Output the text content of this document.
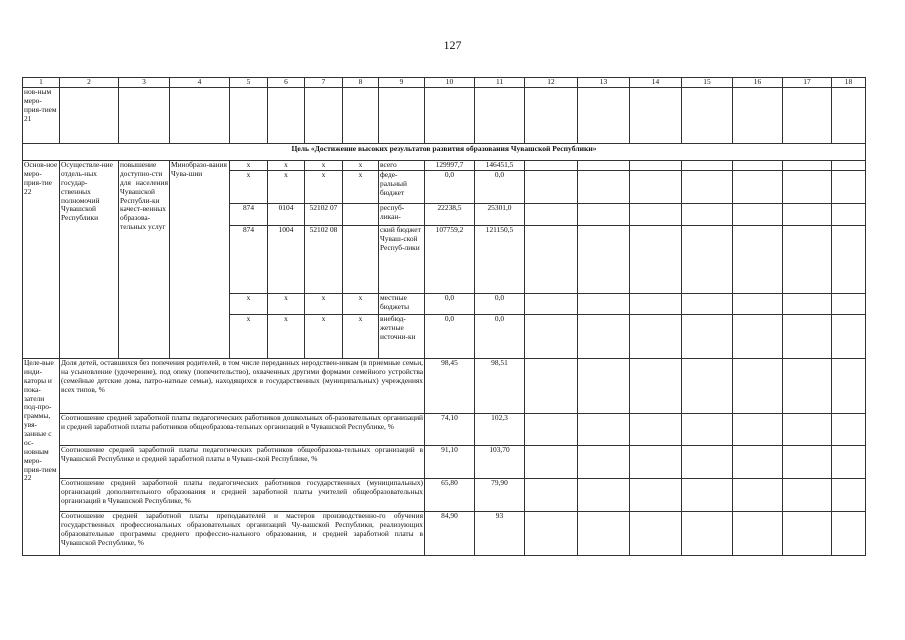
127
1	2	3	4	5	6	7	8	9	10	11	12	13	14	15	16	17	18
нов-ным меро-прия-тием 21																	
Цель «Достижение высоких результатов развития образования Чувашской Республики»																	
Основ-ное меро-прия-тие 22	Осуществле-ние отдель-ных государ-ственных полномочий Чувашской Республики	повышение доступно-сти для населения Чувашской Республи-ки качест-венных образова-тельных услуг	Минобразо-вания Чува-шии	x	x	x	x	всего	129997,7	146451,5							
				x	x	x	x	феде-ральный бюджет	0,0	0,0							
				874	0104	52102 07		респуб-ликан-	22238,5	25301,0							
				874	1004	52102 08		ский бюджет Чуваш-ской Респуб-лики	107759,2	121150,5							
				x	x	x	x	местные бюджеты	0,0	0,0							
				x	x	x	x	внебюд-жетные источни-ки	0,0	0,0							
Целе-вые инди-каторы и пока-затели под-про-граммы, увя-занные с ос-новным меро-прия-тием 22	Доля детей, оставшихся без попечения родителей, в том числе переданных неродствен-никам (в приемные семьи, на усыновление (удочерение), под опеку (попечительство), охваченных другими формами семейного устройства (семейные детские дома, патро-натные семьи), находящихся в государственных (муниципальных) учреждениях всех типов, %								98,45	98,51							
	Соотношение средней заработной платы педагогических работников дошкольных об-разовательных организаций и средней заработной платы работников общеобразова-тельных организаций в Чувашской Республике, %								74,10	102,3							
	Соотношение средней заработной платы педагогических работников общеобразова-тельных организаций в Чувашской Республике и средней заработной платы в Чуваш-ской Республике, %								91,10	103,70							
	Соотношение средней заработной платы педагогических работников государственных (муниципальных) организаций дополнительного образования и средней заработной платы учителей общеобразовательных организаций в Чувашской Республике, %								65,80	79,90							
	Соотношение средней заработной платы преподавателей и мастеров производственно-го обучения государственных профессиональных образовательных организаций Чу-вашской Республики, реализующих образовательные программы среднего профессио-нального образования, и средней заработной платы в Чувашской Республике, %								84,90	93							
